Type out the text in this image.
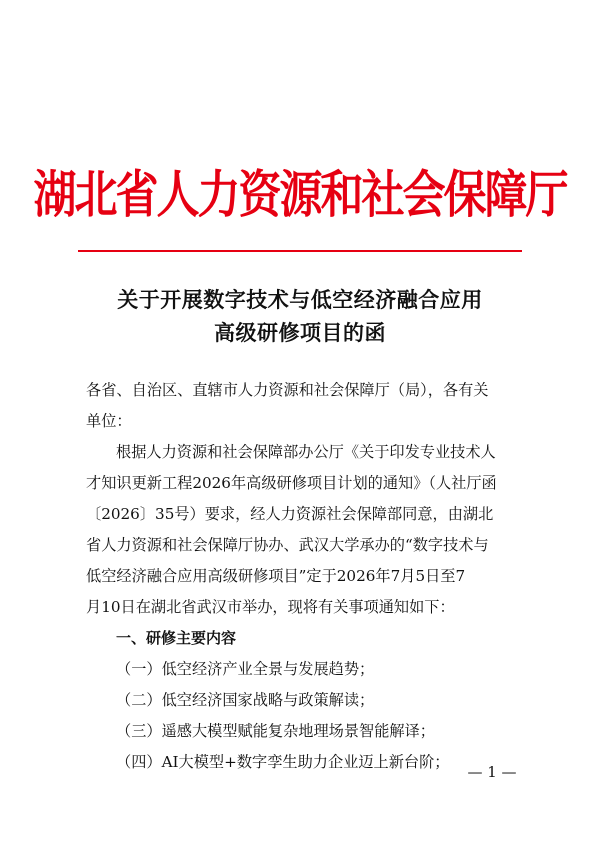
湖北省人力资源和社会保障厅
关于开展数字技术与低空经济融合应用
高级研修项目的函
各省、自治区、直辖市人力资源和社会保障厅（局），各有关
单位：
根据人力资源和社会保障部办公厅《关于印发专业技术人
才知识更新工程2026年高级研修项目计划的通知》（人社厅函
〔2026〕35号）要求，经人力资源社会保障部同意，由湖北
省人力资源和社会保障厅协办、武汉大学承办的“数字技术与
低空经济融合应用高级研修项目”定于2026年7月5日至7
月10日在湖北省武汉市举办，现将有关事项通知如下：
一、研修主要内容
（一）低空经济产业全景与发展趋势；
（二）低空经济国家战略与政策解读；
（三）遥感大模型赋能复杂地理场景智能解译；
（四）AI大模型+数字孪生助力企业迈上新台阶；
— 1 —
